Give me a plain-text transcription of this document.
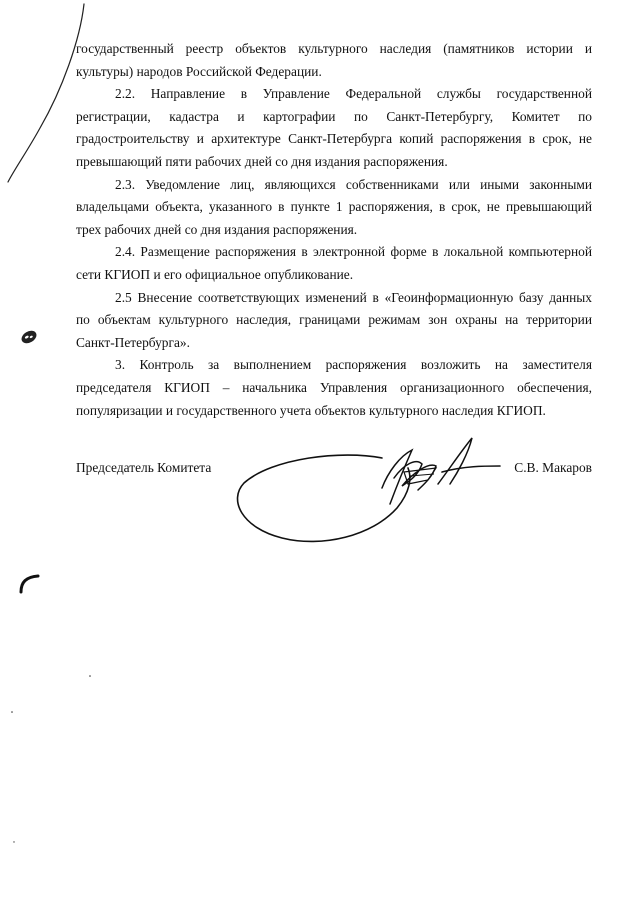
государственный реестр объектов культурного наследия (памятников истории и культуры) народов Российской Федерации.

2.2. Направление в Управление Федеральной службы государственной регистрации, кадастра и картографии по Санкт-Петербургу, Комитет по градостроительству и архитектуре Санкт-Петербурга копий распоряжения в срок, не превышающий пяти рабочих дней со дня издания распоряжения.

2.3. Уведомление лиц, являющихся собственниками или иными законными владельцами объекта, указанного в пункте 1 распоряжения, в срок, не превышающий трех рабочих дней со дня издания распоряжения.

2.4. Размещение распоряжения в электронной форме в локальной компьютерной сети КГИОП и его официальное опубликование.

2.5 Внесение соответствующих изменений в «Геоинформационную базу данных по объектам культурного наследия, границами режимам зон охраны на территории Санкт-Петербурга».

3. Контроль за выполнением распоряжения возложить на заместителя председателя КГИОП – начальника Управления организационного обеспечения, популяризации и государственного учета объектов культурного наследия КГИОП.

Председатель Комитета	С.В. Макаров
